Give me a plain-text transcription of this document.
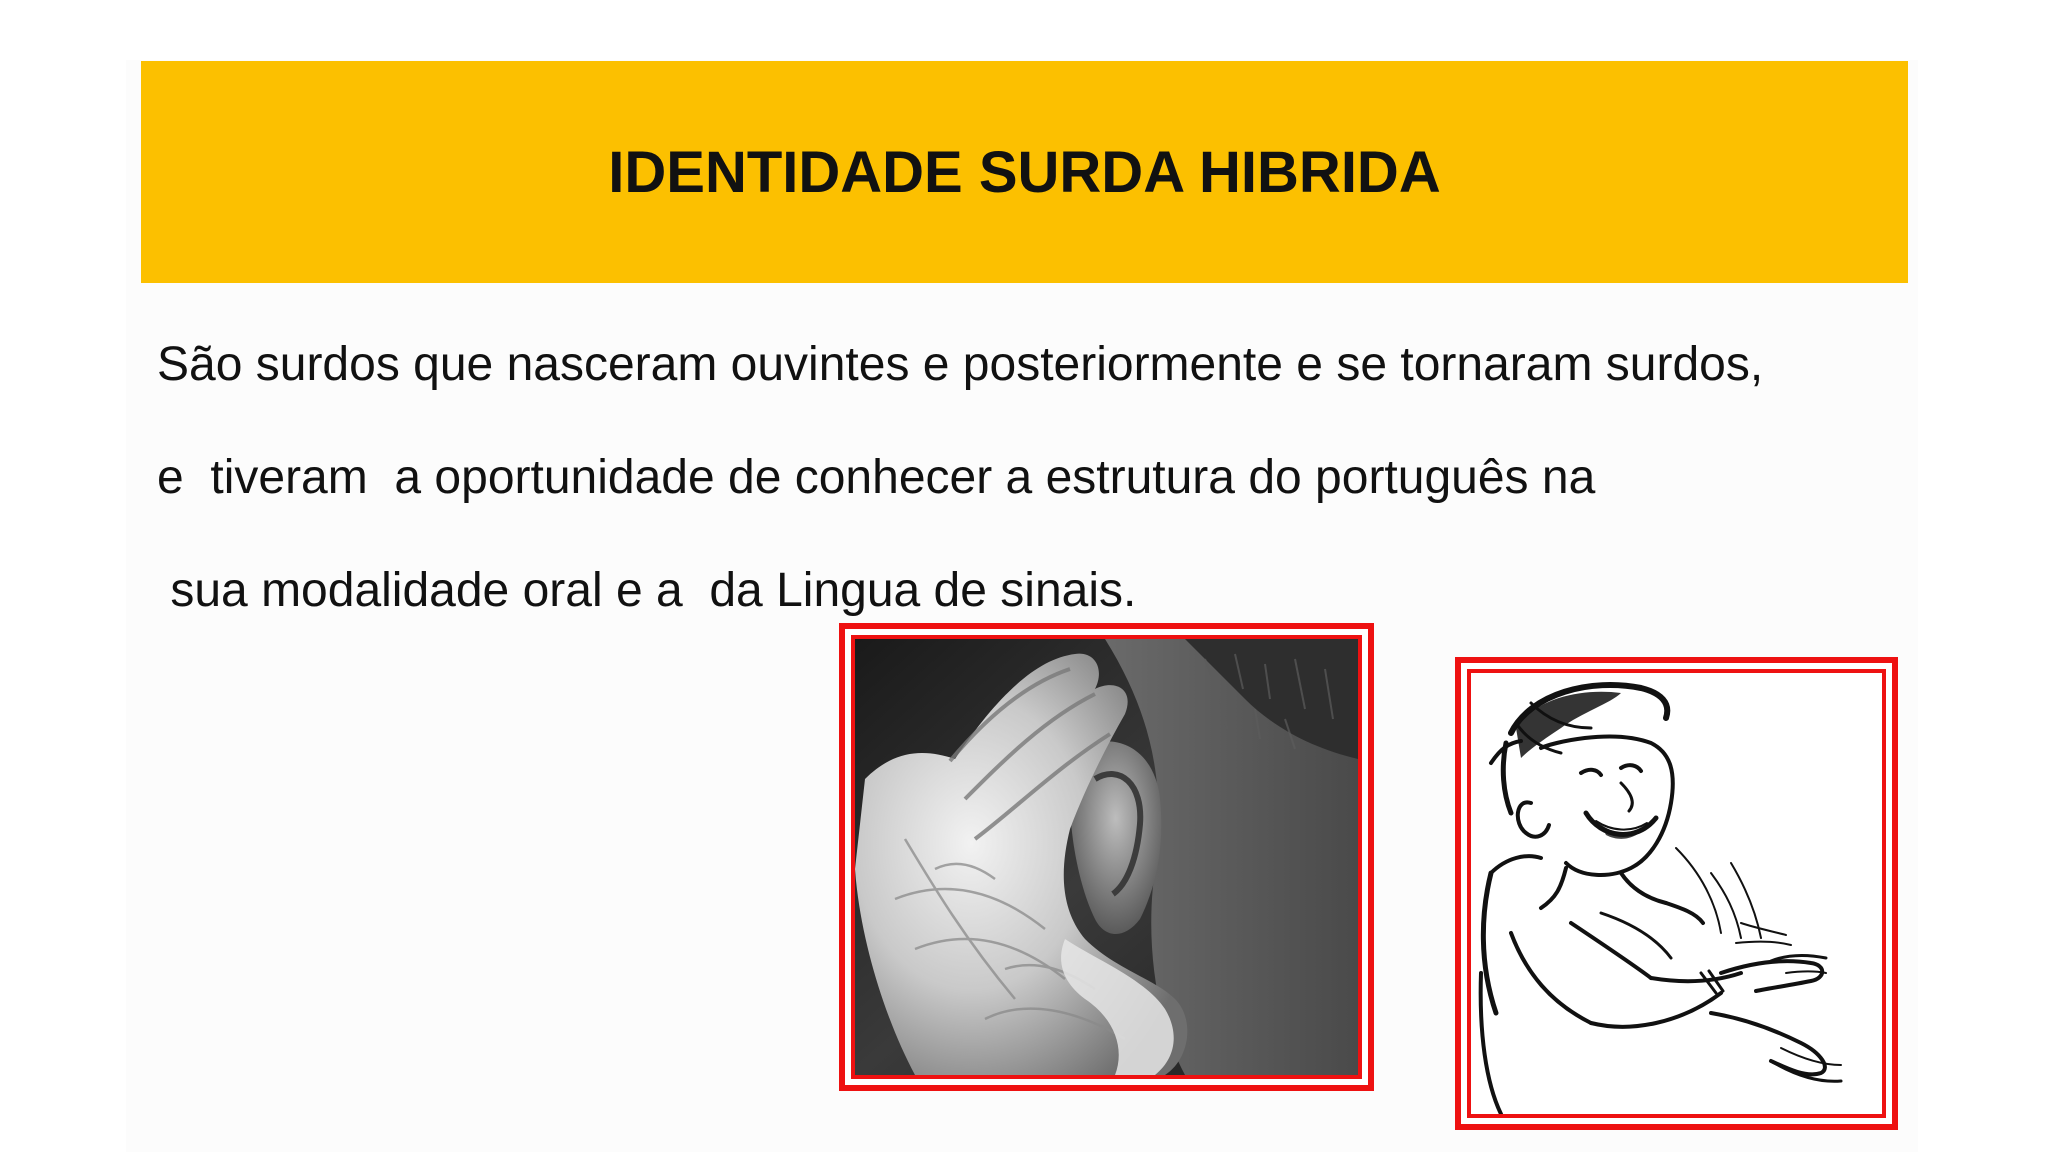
IDENTIDADE SURDA HIBRIDA

São surdos que nasceram ouvintes e posteriormente e se tornaram surdos,

e  tiveram  a oportunidade de conhecer a estrutura do português na

sua modalidade oral e a  da Lingua de sinais.
